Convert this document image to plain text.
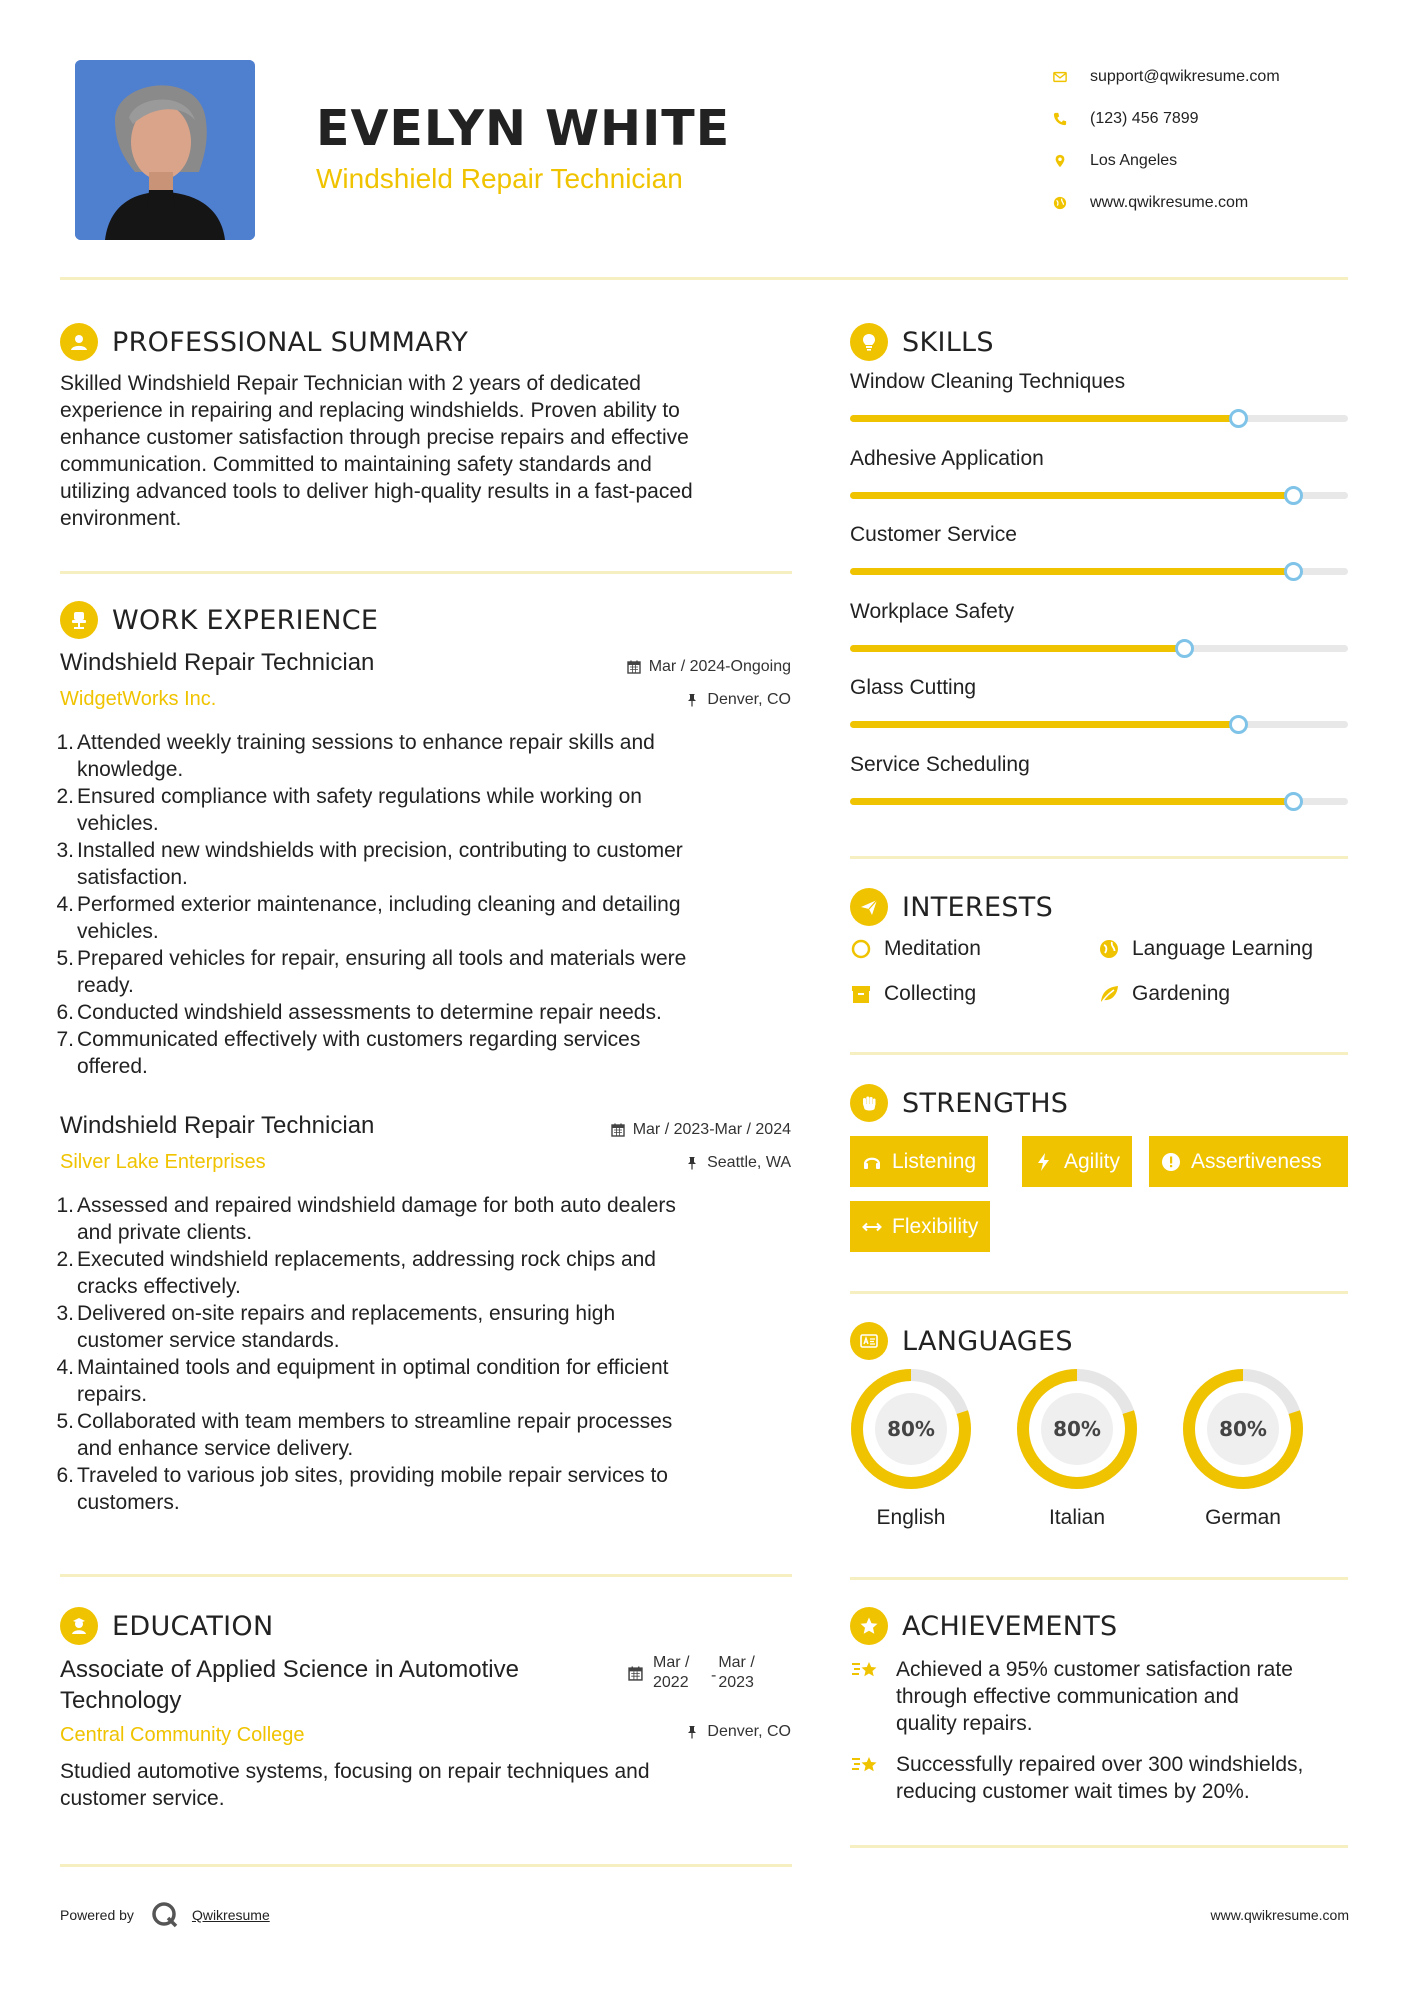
EVELYN WHITE
Windshield Repair Technician
support@qwikresume.com
(123) 456 7899
Los Angeles
www.qwikresume.com
PROFESSIONAL SUMMARY
Skilled Windshield Repair Technician with 2 years of dedicated
experience in repairing and replacing windshields. Proven ability to
enhance customer satisfaction through precise repairs and effective
communication. Committed to maintaining safety standards and
utilizing advanced tools to deliver high-quality results in a fast-paced
environment.
WORK EXPERIENCE
Windshield Repair Technician
WidgetWorks Inc.
Mar / 2024-Ongoing
Denver, CO
1. Attended weekly training sessions to enhance repair skills and
knowledge.
2. Ensured compliance with safety regulations while working on
vehicles.
3. Installed new windshields with precision, contributing to customer
satisfaction.
4. Performed exterior maintenance, including cleaning and detailing
vehicles.
5. Prepared vehicles for repair, ensuring all tools and materials were
ready.
6. Conducted windshield assessments to determine repair needs.
7. Communicated effectively with customers regarding services
offered.
Windshield Repair Technician
Silver Lake Enterprises
Mar / 2023-Mar / 2024
Seattle, WA
1. Assessed and repaired windshield damage for both auto dealers
and private clients.
2. Executed windshield replacements, addressing rock chips and
cracks effectively.
3. Delivered on-site repairs and replacements, ensuring high
customer service standards.
4. Maintained tools and equipment in optimal condition for efficient
repairs.
5. Collaborated with team members to streamline repair processes
and enhance service delivery.
6. Traveled to various job sites, providing mobile repair services to
customers.
EDUCATION
Associate of Applied Science in Automotive
Technology
Central Community College
Mar /
2022	-
Mar /
2023
Denver, CO
Studied automotive systems, focusing on repair techniques and
customer service.
SKILLS
Window Cleaning Techniques
Adhesive Application
Customer Service
Workplace Safety
Glass Cutting
Service Scheduling
INTERESTS
Meditation	Language Learning
Collecting	Gardening
STRENGTHS
Listening	Agility	Assertiveness
Flexibility
LANGUAGES
80%
English
80%
Italian
80%
German
ACHIEVEMENTS
Achieved a 95% customer satisfaction rate
through effective communication and
quality repairs.
Successfully repaired over 300 windshields,
reducing customer wait times by 20%.
Powered by	Qwikresume	www.qwikresume.com
